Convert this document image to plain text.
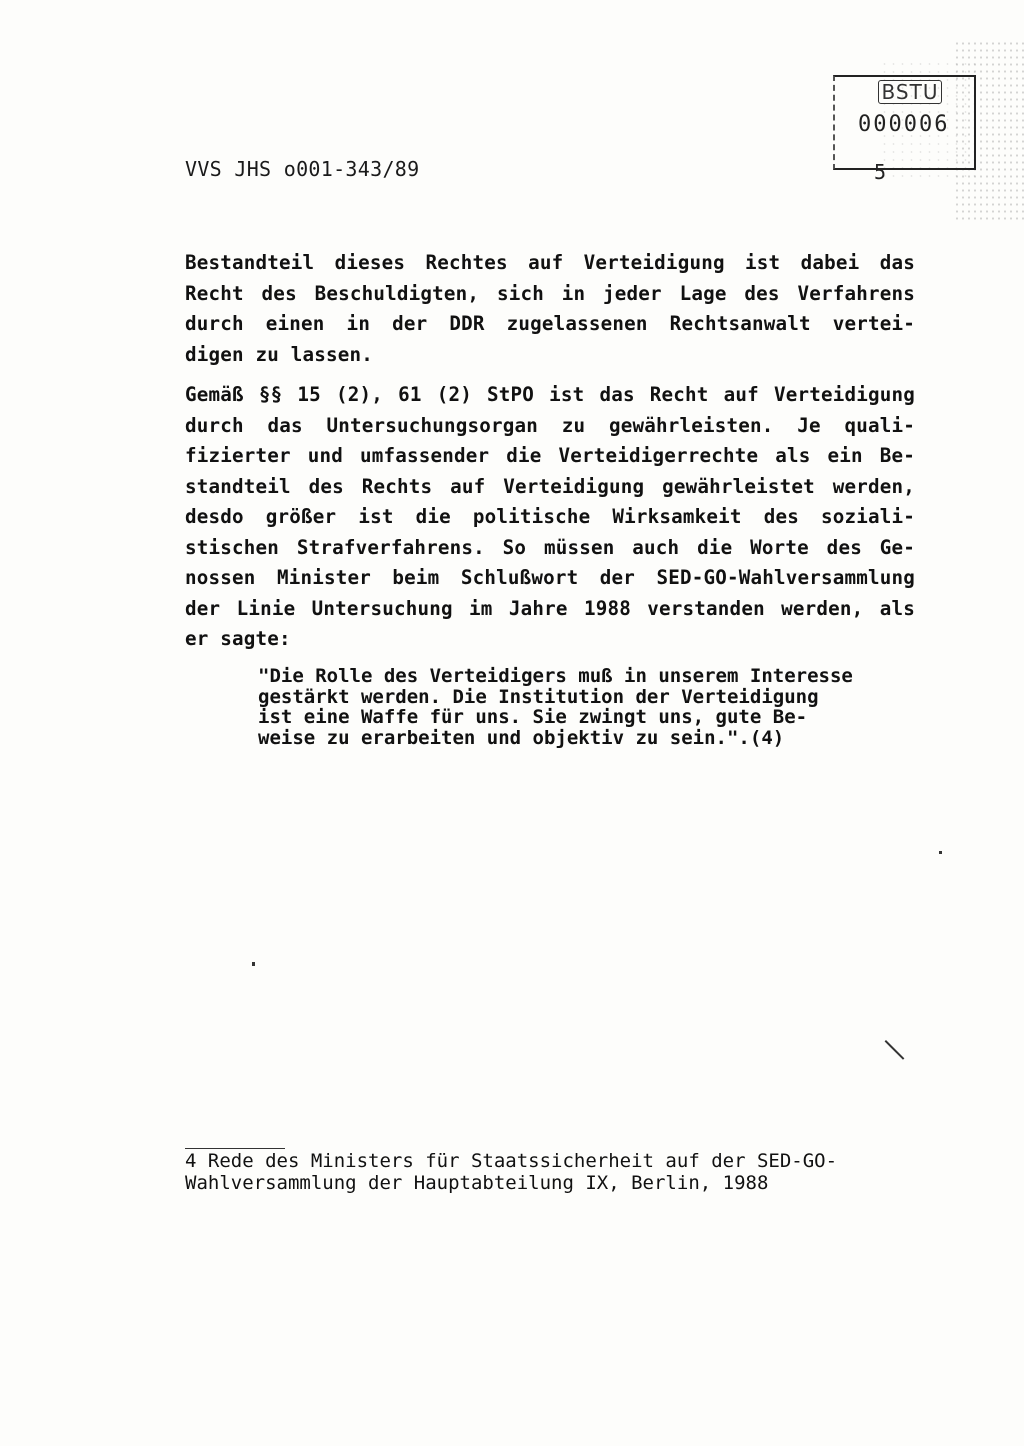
BSTU
000006
VVS JHS o001-343/89	5
Bestandteil dieses Rechtes auf Verteidigung ist dabei das
Recht des Beschuldigten, sich in jeder Lage des Verfahrens
durch einen in der DDR zugelassenen Rechtsanwalt vertei-
digen zu lassen.
Gemäß §§ 15 (2), 61 (2) StPO ist das Recht auf Verteidigung
durch das Untersuchungsorgan zu gewährleisten. Je quali-
fizierter und umfassender die Verteidigerrechte als ein Be-
standteil des Rechts auf Verteidigung gewährleistet werden,
desdo größer ist die politische Wirksamkeit des soziali-
stischen Strafverfahrens. So müssen auch die Worte des Ge-
nossen Minister beim Schlußwort der SED-GO-Wahlversammlung
der Linie Untersuchung im Jahre 1988 verstanden werden, als
er sagte:
"Die Rolle des Verteidigers muß in unserem Interesse
gestärkt werden. Die Institution der Verteidigung
ist eine Waffe für uns. Sie zwingt uns, gute Be-
weise zu erarbeiten und objektiv zu sein.".(4)
4 Rede des Ministers für Staatssicherheit auf der SED-GO-
Wahlversammlung der Hauptabteilung IX, Berlin, 1988
